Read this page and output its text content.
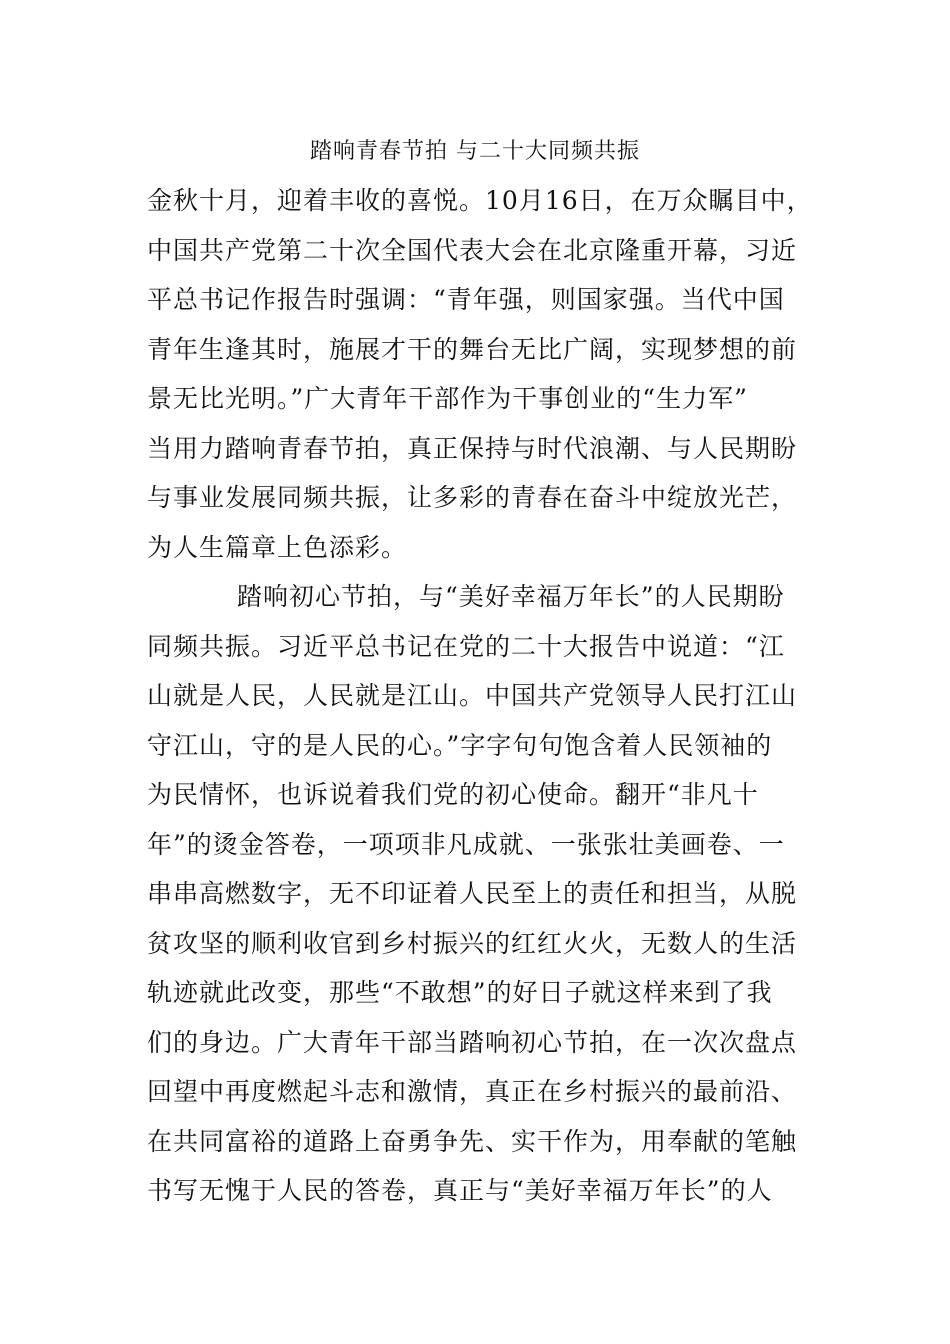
踏响青春节拍 与二十大同频共振
金秋十月，迎着丰收的喜悦。10月16日，在万众瞩目中，
中国共产党第二十次全国代表大会在北京隆重开幕，习近
平总书记作报告时强调：“青年强，则国家强。当代中国
青年生逢其时，施展才干的舞台无比广阔，实现梦想的前
景无比光明。”广大青年干部作为干事创业的“生力军”
当用力踏响青春节拍，真正保持与时代浪潮、与人民期盼
与事业发展同频共振，让多彩的青春在奋斗中绽放光芒，
为人生篇章上色添彩。
踏响初心节拍，与“美好幸福万年长”的人民期盼
同频共振。习近平总书记在党的二十大报告中说道：“江
山就是人民，人民就是江山。中国共产党领导人民打江山
守江山，守的是人民的心。”字字句句饱含着人民领袖的
为民情怀，也诉说着我们党的初心使命。翻开“非凡十
年”的烫金答卷，一项项非凡成就、一张张壮美画卷、一
串串高燃数字，无不印证着人民至上的责任和担当，从脱
贫攻坚的顺利收官到乡村振兴的红红火火，无数人的生活
轨迹就此改变，那些“不敢想”的好日子就这样来到了我
们的身边。广大青年干部当踏响初心节拍，在一次次盘点
回望中再度燃起斗志和激情，真正在乡村振兴的最前沿、
在共同富裕的道路上奋勇争先、实干作为，用奉献的笔触
书写无愧于人民的答卷，真正与“美好幸福万年长”的人
